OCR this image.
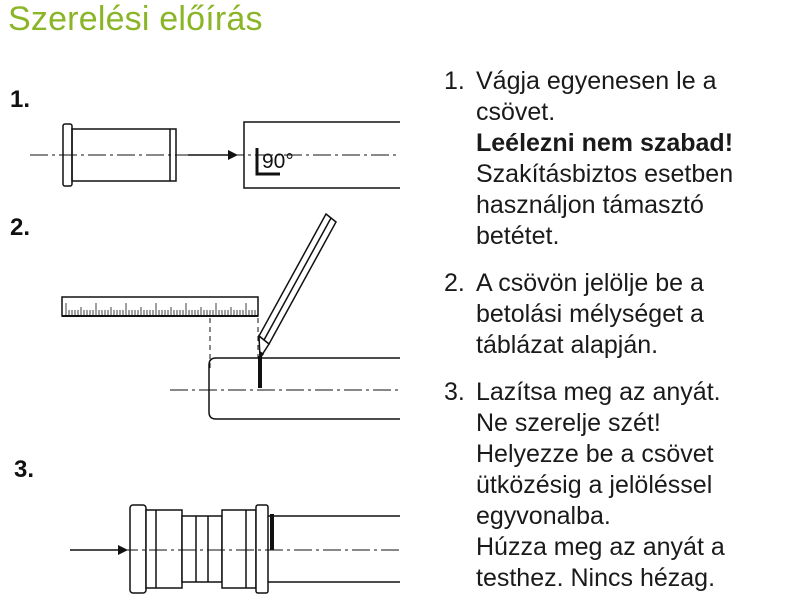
Szerelési előírás
1.
2.
3.
90°
1. Vágja egyenesen le a
csövet.
Leélezni nem szabad!
Szakításbiztos esetben
használjon támasztó
betétet.
2. A csövön jelölje be a
betolási mélységet a
táblázat alapján.
3. Lazítsa meg az anyát.
Ne szerelje szét!
Helyezze be a csövet
ütközésig a jelöléssel
egyvonalba.
Húzza meg az anyát a
testhez. Nincs hézag.
